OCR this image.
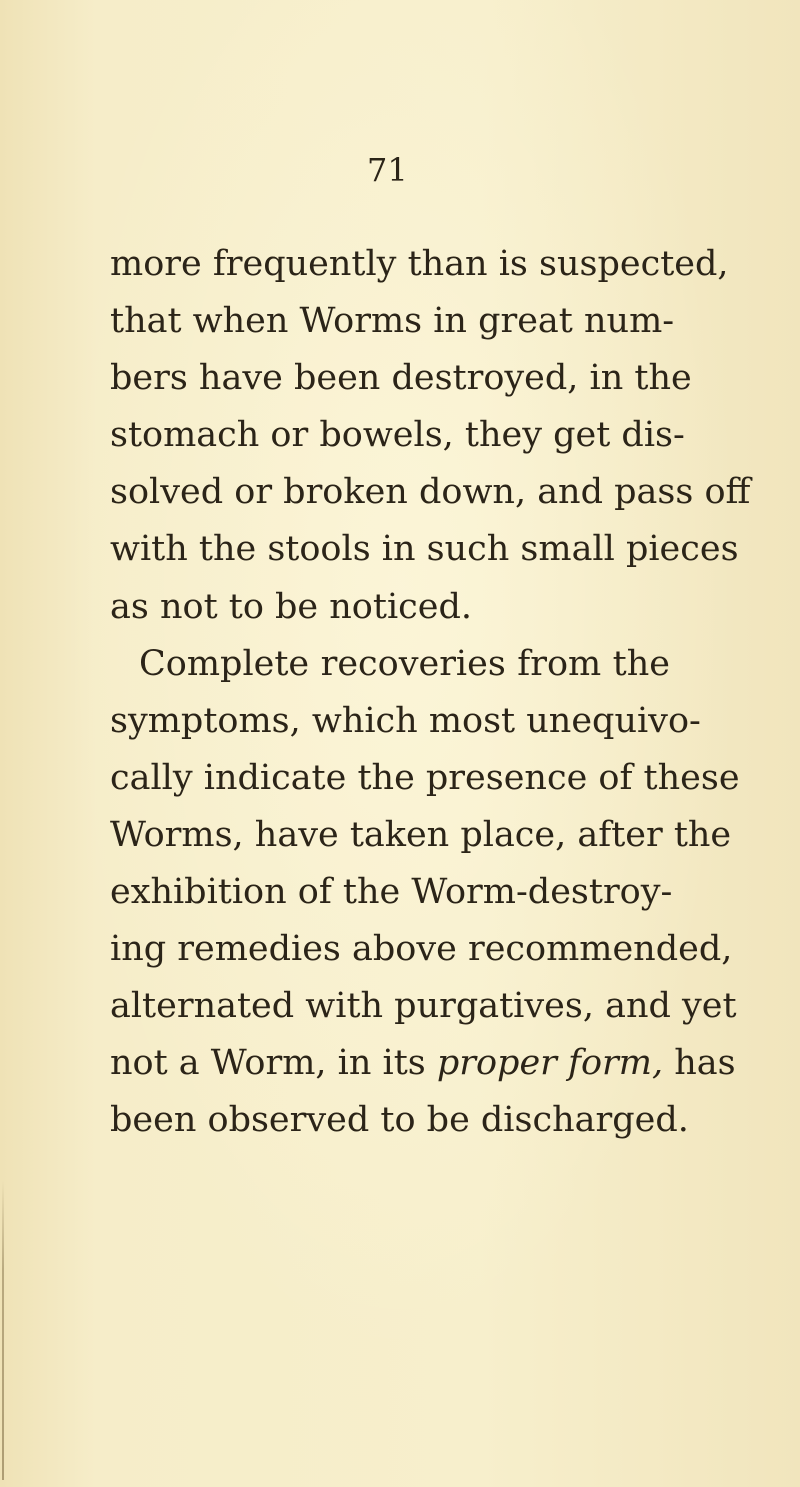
71
more frequently than is suspected,
that when Worms in great num-
bers have been destroyed, in the
stomach or bowels, they get dis-
solved or broken down, and pass off
with the stools in such small pieces
as not to be noticed.
Complete recoveries from the
symptoms, which most unequivo-
cally indicate the presence of these
Worms, have taken place, after the
exhibition of the Worm-destroy-
ing remedies above recommended,
alternated with purgatives, and yet
not a Worm, in its proper form, has
been observed to be discharged.
